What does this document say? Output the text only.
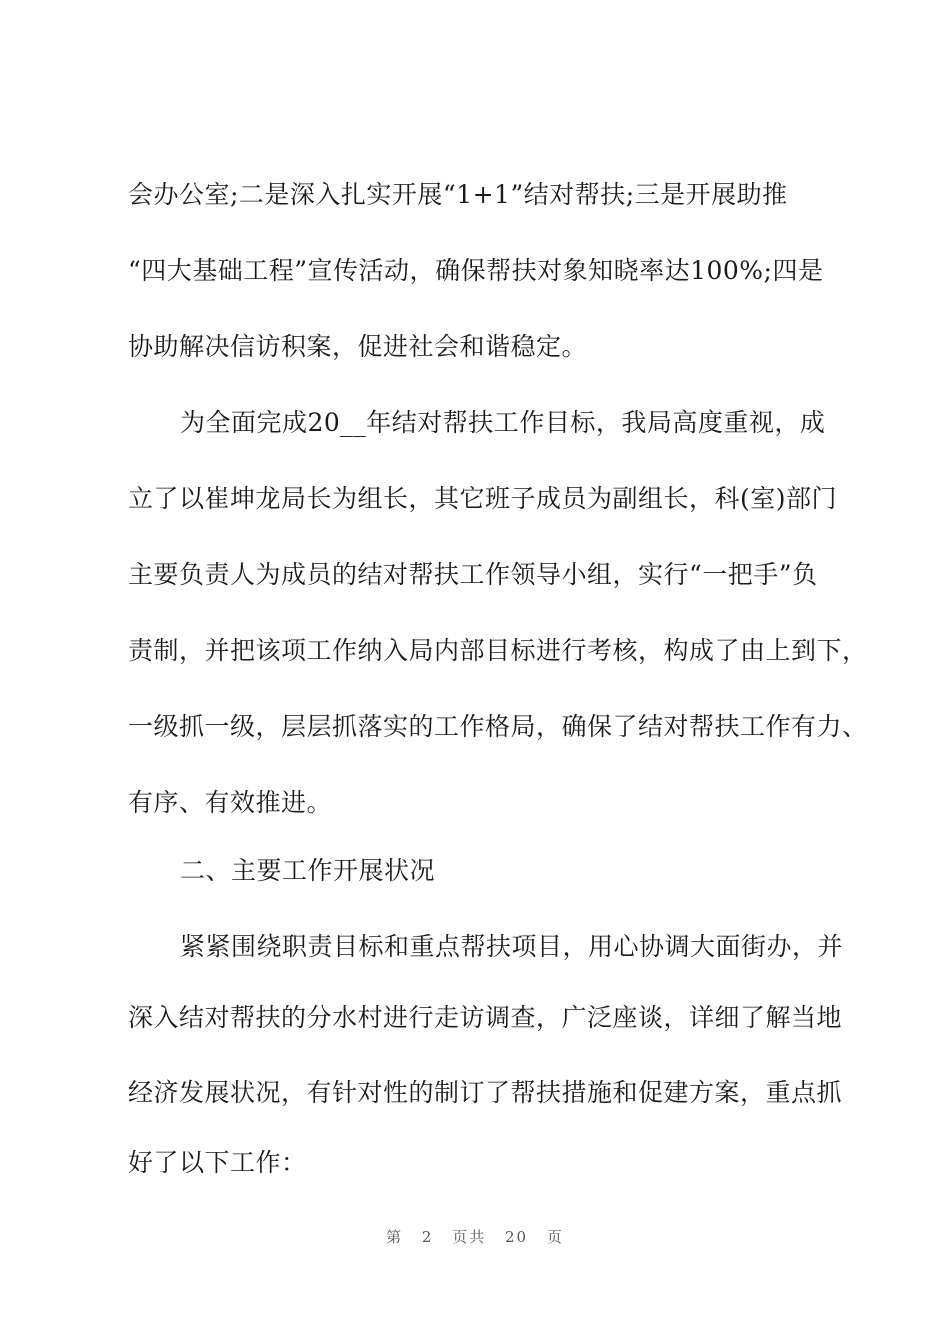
会办公室;二是深入扎实开展“1+1”结对帮扶;三是开展助推
“四大基础工程”宣传活动，确保帮扶对象知晓率达100%;四是
协助解决信访积案，促进社会和谐稳定。
为全面完成20__年结对帮扶工作目标，我局高度重视，成
立了以崔坤龙局长为组长，其它班子成员为副组长，科(室)部门
主要负责人为成员的结对帮扶工作领导小组，实行“一把手”负
责制，并把该项工作纳入局内部目标进行考核，构成了由上到下，
一级抓一级，层层抓落实的工作格局，确保了结对帮扶工作有力、
有序、有效推进。
二、主要工作开展状况
紧紧围绕职责目标和重点帮扶项目，用心协调大面街办，并
深入结对帮扶的分水村进行走访调查，广泛座谈，详细了解当地
经济发展状况，有针对性的制订了帮扶措施和促建方案，重点抓
好了以下工作：
第 2 页共 20 页
